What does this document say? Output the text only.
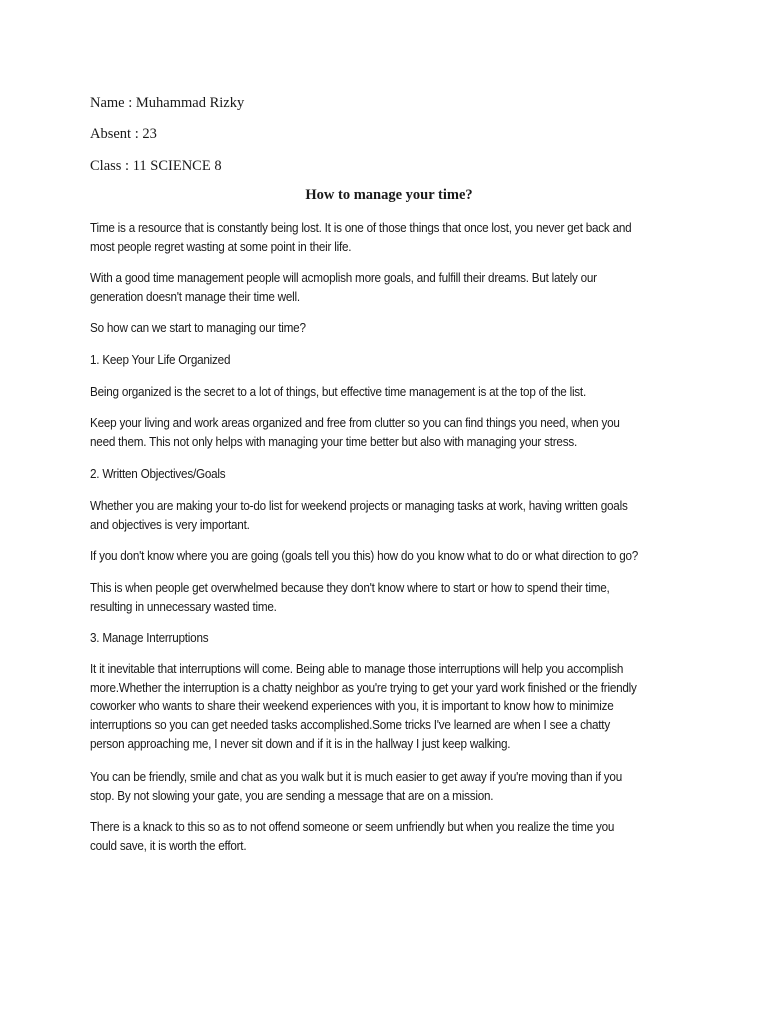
Name : Muhammad Rizky
Absent : 23
Class : 11 SCIENCE 8
How to manage your time?

Time is a resource that is constantly being lost. It is one of those things that once lost, you never get back and most people regret wasting at some point in their life.

With a good time management people will acmoplish more goals, and fulfill their dreams. But lately our generation doesn't manage their time well.

So how can we start to managing our time?

1. Keep Your Life Organized

Being organized is the secret to a lot of things, but effective time management is at the top of the list.

Keep your living and work areas organized and free from clutter so you can find things you need, when you need them. This not only helps with managing your time better but also with managing your stress.

2. Written Objectives/Goals

Whether you are making your to-do list for weekend projects or managing tasks at work, having written goals and objectives is very important.

If you don't know where you are going (goals tell you this) how do you know what to do or what direction to go?

This is when people get overwhelmed because they don't know where to start or how to spend their time, resulting in unnecessary wasted time.

3. Manage Interruptions

It it inevitable that interruptions will come. Being able to manage those interruptions will help you accomplish more.Whether the interruption is a chatty neighbor as you're trying to get your yard work finished or the friendly coworker who wants to share their weekend experiences with you, it is important to know how to minimize interruptions so you can get needed tasks accomplished.Some tricks I've learned are when I see a chatty person approaching me, I never sit down and if it is in the hallway I just keep walking.

You can be friendly, smile and chat as you walk but it is much easier to get away if you're moving than if you stop. By not slowing your gate, you are sending a message that are on a mission.

There is a knack to this so as to not offend someone or seem unfriendly but when you realize the time you could save, it is worth the effort.
